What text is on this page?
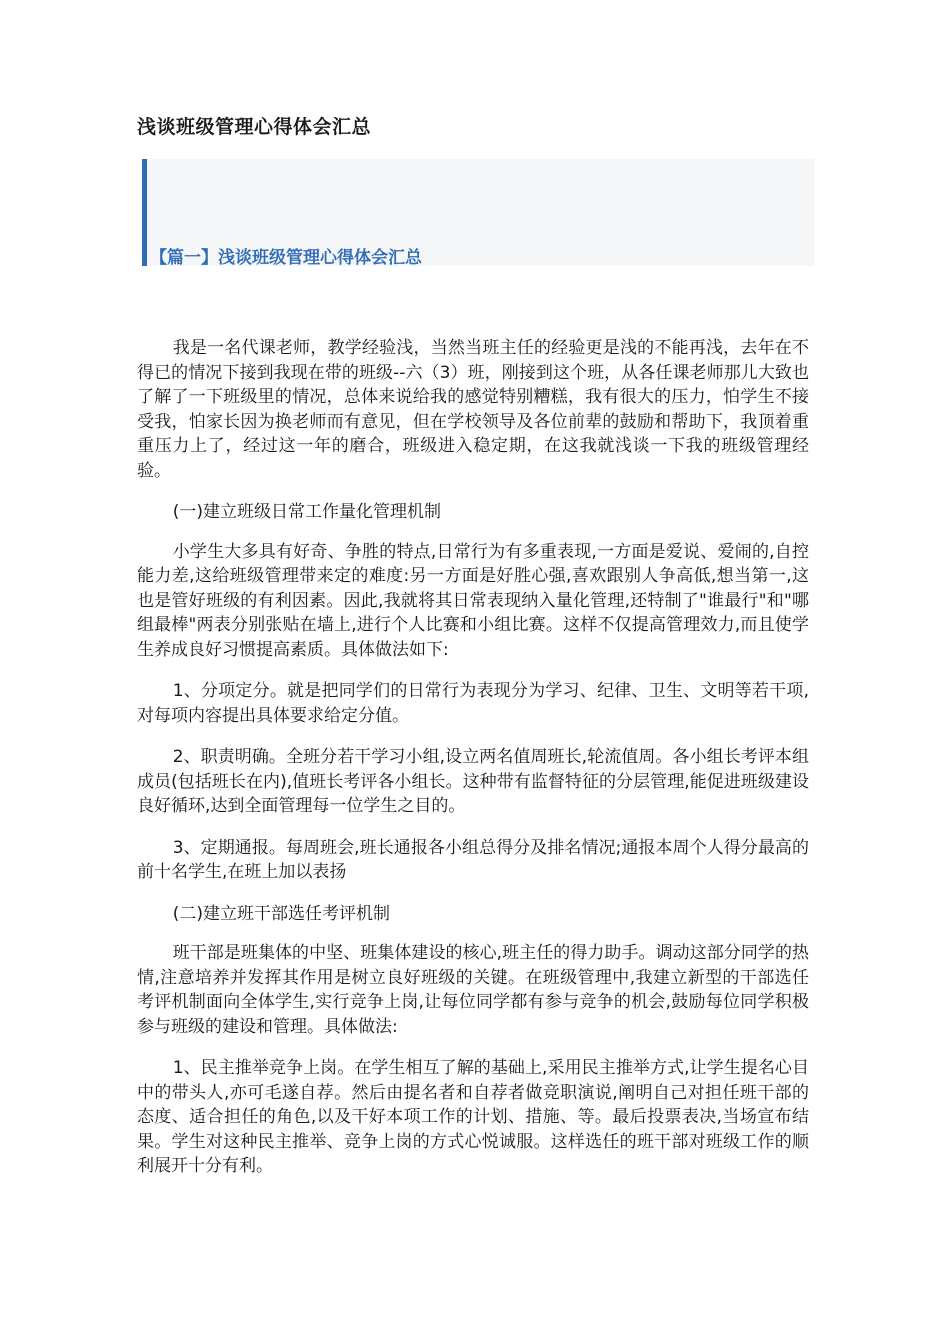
浅谈班级管理心得体会汇总
【篇一】浅谈班级管理心得体会汇总

我是一名代课老师，教学经验浅，当然当班主任的经验更是浅的不能再浅，去年在不得已的情况下接到我现在带的班级--六（3）班，刚接到这个班，从各任课老师那儿大致也了解了一下班级里的情况，总体来说给我的感觉特别糟糕，我有很大的压力，怕学生不接受我，怕家长因为换老师而有意见，但在学校领导及各位前辈的鼓励和帮助下，我顶着重重压力上了，经过这一年的磨合，班级进入稳定期，在这我就浅谈一下我的班级管理经验。

(一)建立班级日常工作量化管理机制

小学生大多具有好奇、争胜的特点,日常行为有多重表现,一方面是爱说、爱闹的,自控能力差,这给班级管理带来定的难度:另一方面是好胜心强,喜欢跟别人争高低,想当第一,这也是管好班级的有利因素。因此,我就将其日常表现纳入量化管理,还特制了"谁最行"和"哪组最棒"两表分别张贴在墙上,进行个人比赛和小组比赛。这样不仅提高管理效力,而且使学生养成良好习惯提高素质。具体做法如下:

1、分项定分。就是把同学们的日常行为表现分为学习、纪律、卫生、文明等若干项,对每项内容提出具体要求给定分值。

2、职责明确。全班分若干学习小组,设立两名值周班长,轮流值周。各小组长考评本组成员(包括班长在内),值班长考评各小组长。这种带有监督特征的分层管理,能促进班级建设良好循环,达到全面管理每一位学生之目的。

3、定期通报。每周班会,班长通报各小组总得分及排名情况;通报本周个人得分最高的前十名学生,在班上加以表扬

(二)建立班干部选任考评机制

班干部是班集体的中坚、班集体建设的核心,班主任的得力助手。调动这部分同学的热情,注意培养并发挥其作用是树立良好班级的关键。在班级管理中,我建立新型的干部选任考评机制面向全体学生,实行竞争上岗,让每位同学都有参与竞争的机会,鼓励每位同学积极参与班级的建设和管理。具体做法:

1、民主推举竞争上岗。在学生相互了解的基础上,采用民主推举方式,让学生提名心目中的带头人,亦可毛遂自荐。然后由提名者和自荐者做竞职演说,阐明自己对担任班干部的态度、适合担任的角色,以及干好本项工作的计划、措施、等。最后投票表决,当场宣布结果。学生对这种民主推举、竞争上岗的方式心悦诚服。这样选任的班干部对班级工作的顺利展开十分有利。
